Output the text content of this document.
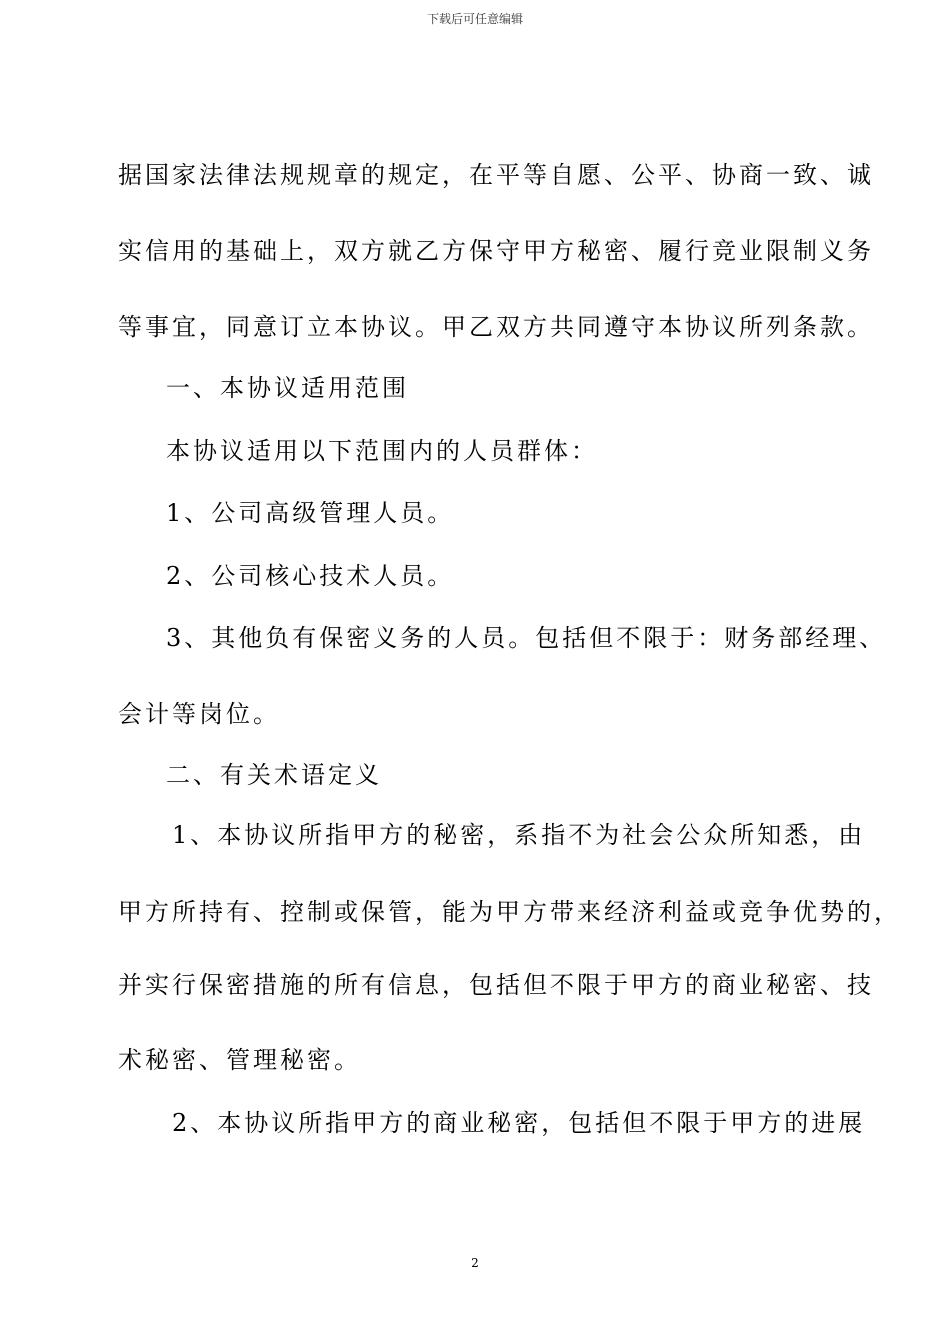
下载后可任意编辑
据国家法律法规规章的规定，在平等自愿、公平、协商一致、诚
实信用的基础上，双方就乙方保守甲方秘密、履行竞业限制义务
等事宜，同意订立本协议。甲乙双方共同遵守本协议所列条款。
一、本协议适用范围
本协议适用以下范围内的人员群体：
1、公司高级管理人员。
2、公司核心技术人员。
3、其他负有保密义务的人员。包括但不限于：财务部经理、
会计等岗位。
二、有关术语定义
1、本协议所指甲方的秘密，系指不为社会公众所知悉，由
甲方所持有、控制或保管，能为甲方带来经济利益或竞争优势的，
并实行保密措施的所有信息，包括但不限于甲方的商业秘密、技
术秘密、管理秘密。
2、本协议所指甲方的商业秘密，包括但不限于甲方的进展
2
